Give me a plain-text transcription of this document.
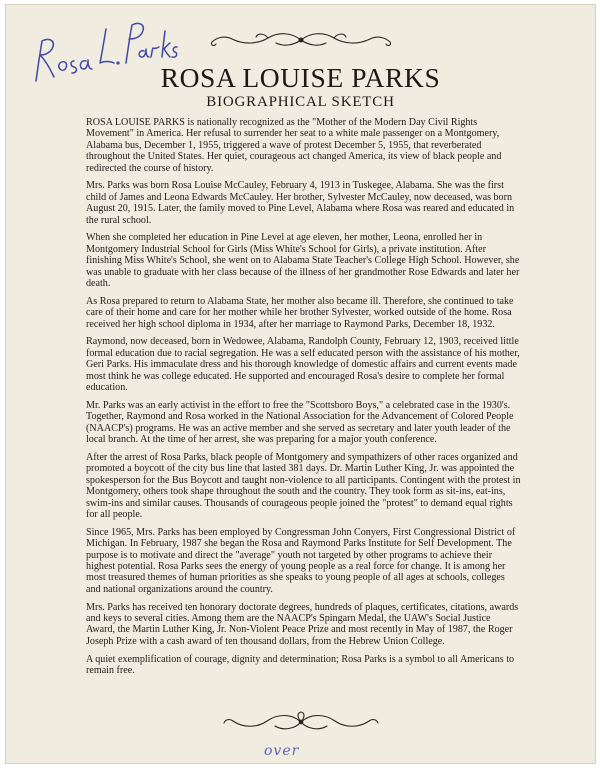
ROSA LOUISE PARKS
BIOGRAPHICAL SKETCH

ROSA LOUISE PARKS is nationally recognized as the "Mother of the Modern Day Civil Rights Movement" in America. Her refusal to surrender her seat to a white male passenger on a Montgomery, Alabama bus, December 1, 1955, triggered a wave of protest December 5, 1955, that reverberated throughout the United States. Her quiet, courageous act changed America, its view of black people and redirected the course of history.

Mrs. Parks was born Rosa Louise McCauley, February 4, 1913 in Tuskegee, Alabama. She was the first child of James and Leona Edwards McCauley. Her brother, Sylvester McCauley, now deceased, was born August 20, 1915. Later, the family moved to Pine Level, Alabama where Rosa was reared and educated in the rural school.

When she completed her education in Pine Level at age eleven, her mother, Leona, enrolled her in Montgomery Industrial School for Girls (Miss White's School for Girls), a private institution. After finishing Miss White's School, she went on to Alabama State Teacher's College High School. However, she was unable to graduate with her class because of the illness of her grandmother Rose Edwards and later her death.

As Rosa prepared to return to Alabama State, her mother also became ill. Therefore, she continued to take care of their home and care for her mother while her brother Sylvester, worked outside of the home. Rosa received her high school diploma in 1934, after her marriage to Raymond Parks, December 18, 1932.

Raymond, now deceased, born in Wedowee, Alabama, Randolph County, February 12, 1903, received little formal education due to racial segregation. He was a self educated person with the assistance of his mother, Geri Parks. His immaculate dress and his thorough knowledge of domestic affairs and current events made most think he was college educated. He supported and encouraged Rosa's desire to complete her formal education.

Mr. Parks was an early activist in the effort to free the "Scottsboro Boys," a celebrated case in the 1930's. Together, Raymond and Rosa worked in the National Association for the Advancement of Colored People (NAACP's) programs. He was an active member and she served as secretary and later youth leader of the local branch. At the time of her arrest, she was preparing for a major youth conference.

After the arrest of Rosa Parks, black people of Montgomery and sympathizers of other races organized and promoted a boycott of the city bus line that lasted 381 days. Dr. Martin Luther King, Jr. was appointed the spokesperson for the Bus Boycott and taught non-violence to all participants. Contingent with the protest in Montgomery, others took shape throughout the south and the country. They took form as sit-ins, eat-ins, swim-ins and similar causes. Thousands of courageous people joined the "protest" to demand equal rights for all people.

Since 1965, Mrs. Parks has been employed by Congressman John Conyers, First Congressional District of Michigan. In February, 1987 she began the Rosa and Raymond Parks Institute for Self Development. The purpose is to motivate and direct the "average" youth not targeted by other programs to achieve their highest potential. Rosa Parks sees the energy of young people as a real force for change. It is among her most treasured themes of human priorities as she speaks to young people of all ages at schools, colleges and national organizations around the country.

Mrs. Parks has received ten honorary doctorate degrees, hundreds of plaques, certificates, citations, awards and keys to several cities. Among them are the NAACP's Spingarn Medal, the UAW's Social Justice Award, the Martin Luther King, Jr. Non-Violent Peace Prize and most recently in May of 1987, the Roger Joseph Prize with a cash award of ten thousand dollars, from the Hebrew Union College.

A quiet exemplification of courage, dignity and determination; Rosa Parks is a symbol to all Americans to remain free.

over
